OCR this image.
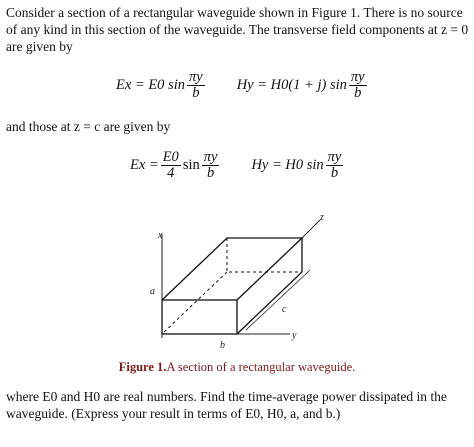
Consider a section of a rectangular waveguide shown in Figure 1. There is no source of any kind in this section of the waveguide. The transverse field components at z = 0 are given by
Ex = E0 $\sin \frac{\pi y}{b}$ Hy = H0(1 + j) $\sin \frac{\pi y}{b}$
and those at z = c are given by
$Ex = \frac{E0}{4}$ $\sin \frac{\pi y}{b}$ Hy = H0 $\sin \frac{\pi y}{b}$
x
y
z
a
b
c
Figure 1.A section of a rectangular waveguide.
where E0 and H0 are real numbers. Find the time-average power dissipated in the waveguide. (Express your result in terms of E0, H0, a, and b.)
